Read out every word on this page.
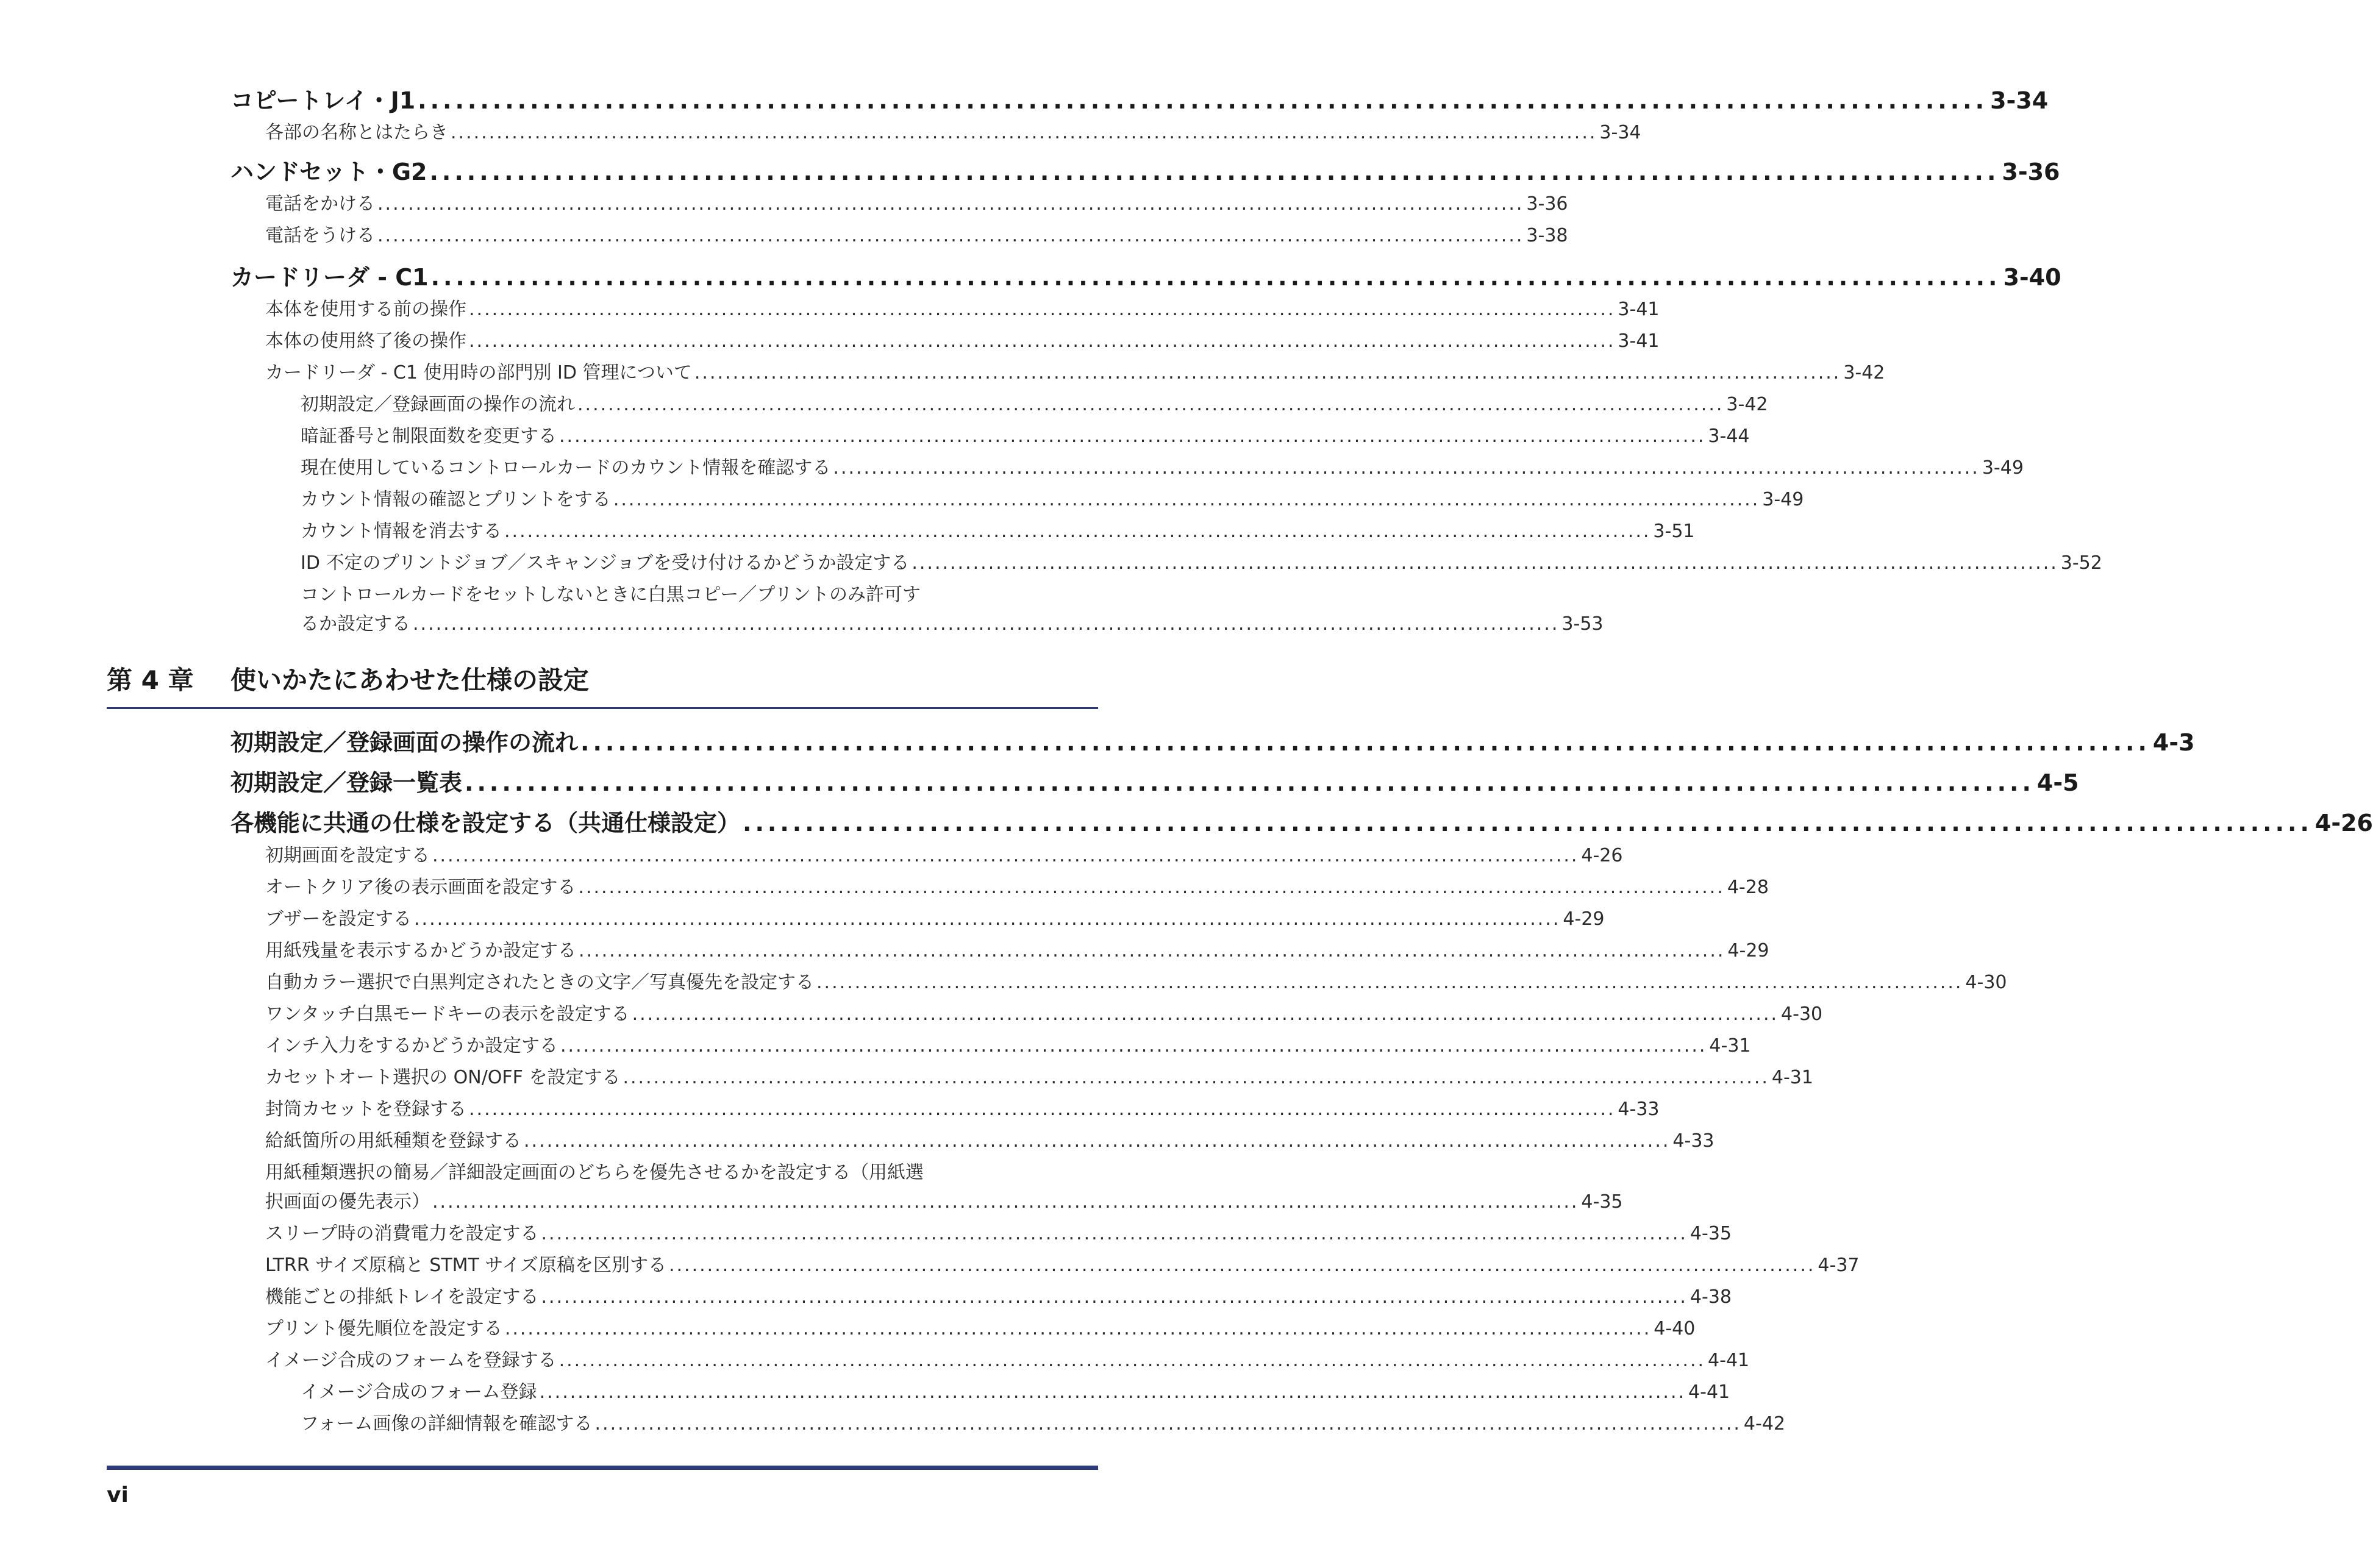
コピートレイ・J1 .............................................................................................................................. 3-34
各部の名称とはたらき ...................................................................................................................................................... 3-34
ハンドセット・G2 .............................................................................................................................. 3-36
電話をかける ...................................................................................................................................................... 3-36
電話をうける ...................................................................................................................................................... 3-38
カードリーダ - C1 .............................................................................................................................. 3-40
本体を使用する前の操作 ...................................................................................................................................................... 3-41
本体の使用終了後の操作 ...................................................................................................................................................... 3-41
カードリーダ - C1 使用時の部門別 ID 管理について ...................................................................................................................................................... 3-42
初期設定／登録画面の操作の流れ ...................................................................................................................................................... 3-42
暗証番号と制限面数を変更する ...................................................................................................................................................... 3-44
現在使用しているコントロールカードのカウント情報を確認する ...................................................................................................................................................... 3-49
カウント情報の確認とプリントをする ...................................................................................................................................................... 3-49
カウント情報を消去する ...................................................................................................................................................... 3-51
ID 不定のプリントジョブ／スキャンジョブを受け付けるかどうか設定する ...................................................................................................................................................... 3-52
コントロールカードをセットしないときに白黒コピー／プリントのみ許可す
るか設定する ...................................................................................................................................................... 3-53
第 4 章 使いかたにあわせた仕様の設定
初期設定／登録画面の操作の流れ .............................................................................................................................. 4-3
初期設定／登録一覧表 .............................................................................................................................. 4-5
各機能に共通の仕様を設定する（共通仕様設定） .............................................................................................................................. 4-26
初期画面を設定する ...................................................................................................................................................... 4-26
オートクリア後の表示画面を設定する ...................................................................................................................................................... 4-28
ブザーを設定する ...................................................................................................................................................... 4-29
用紙残量を表示するかどうか設定する ...................................................................................................................................................... 4-29
自動カラー選択で白黒判定されたときの文字／写真優先を設定する ...................................................................................................................................................... 4-30
ワンタッチ白黒モードキーの表示を設定する ...................................................................................................................................................... 4-30
インチ入力をするかどうか設定する ...................................................................................................................................................... 4-31
カセットオート選択の ON/OFF を設定する ...................................................................................................................................................... 4-31
封筒カセットを登録する ...................................................................................................................................................... 4-33
給紙箇所の用紙種類を登録する ...................................................................................................................................................... 4-33
用紙種類選択の簡易／詳細設定画面のどちらを優先させるかを設定する（用紙選
択画面の優先表示） ...................................................................................................................................................... 4-35
スリープ時の消費電力を設定する ...................................................................................................................................................... 4-35
LTRR サイズ原稿と STMT サイズ原稿を区別する ...................................................................................................................................................... 4-37
機能ごとの排紙トレイを設定する ...................................................................................................................................................... 4-38
プリント優先順位を設定する ...................................................................................................................................................... 4-40
イメージ合成のフォームを登録する ...................................................................................................................................................... 4-41
イメージ合成のフォーム登録 ...................................................................................................................................................... 4-41
フォーム画像の詳細情報を確認する ...................................................................................................................................................... 4-42
vi
